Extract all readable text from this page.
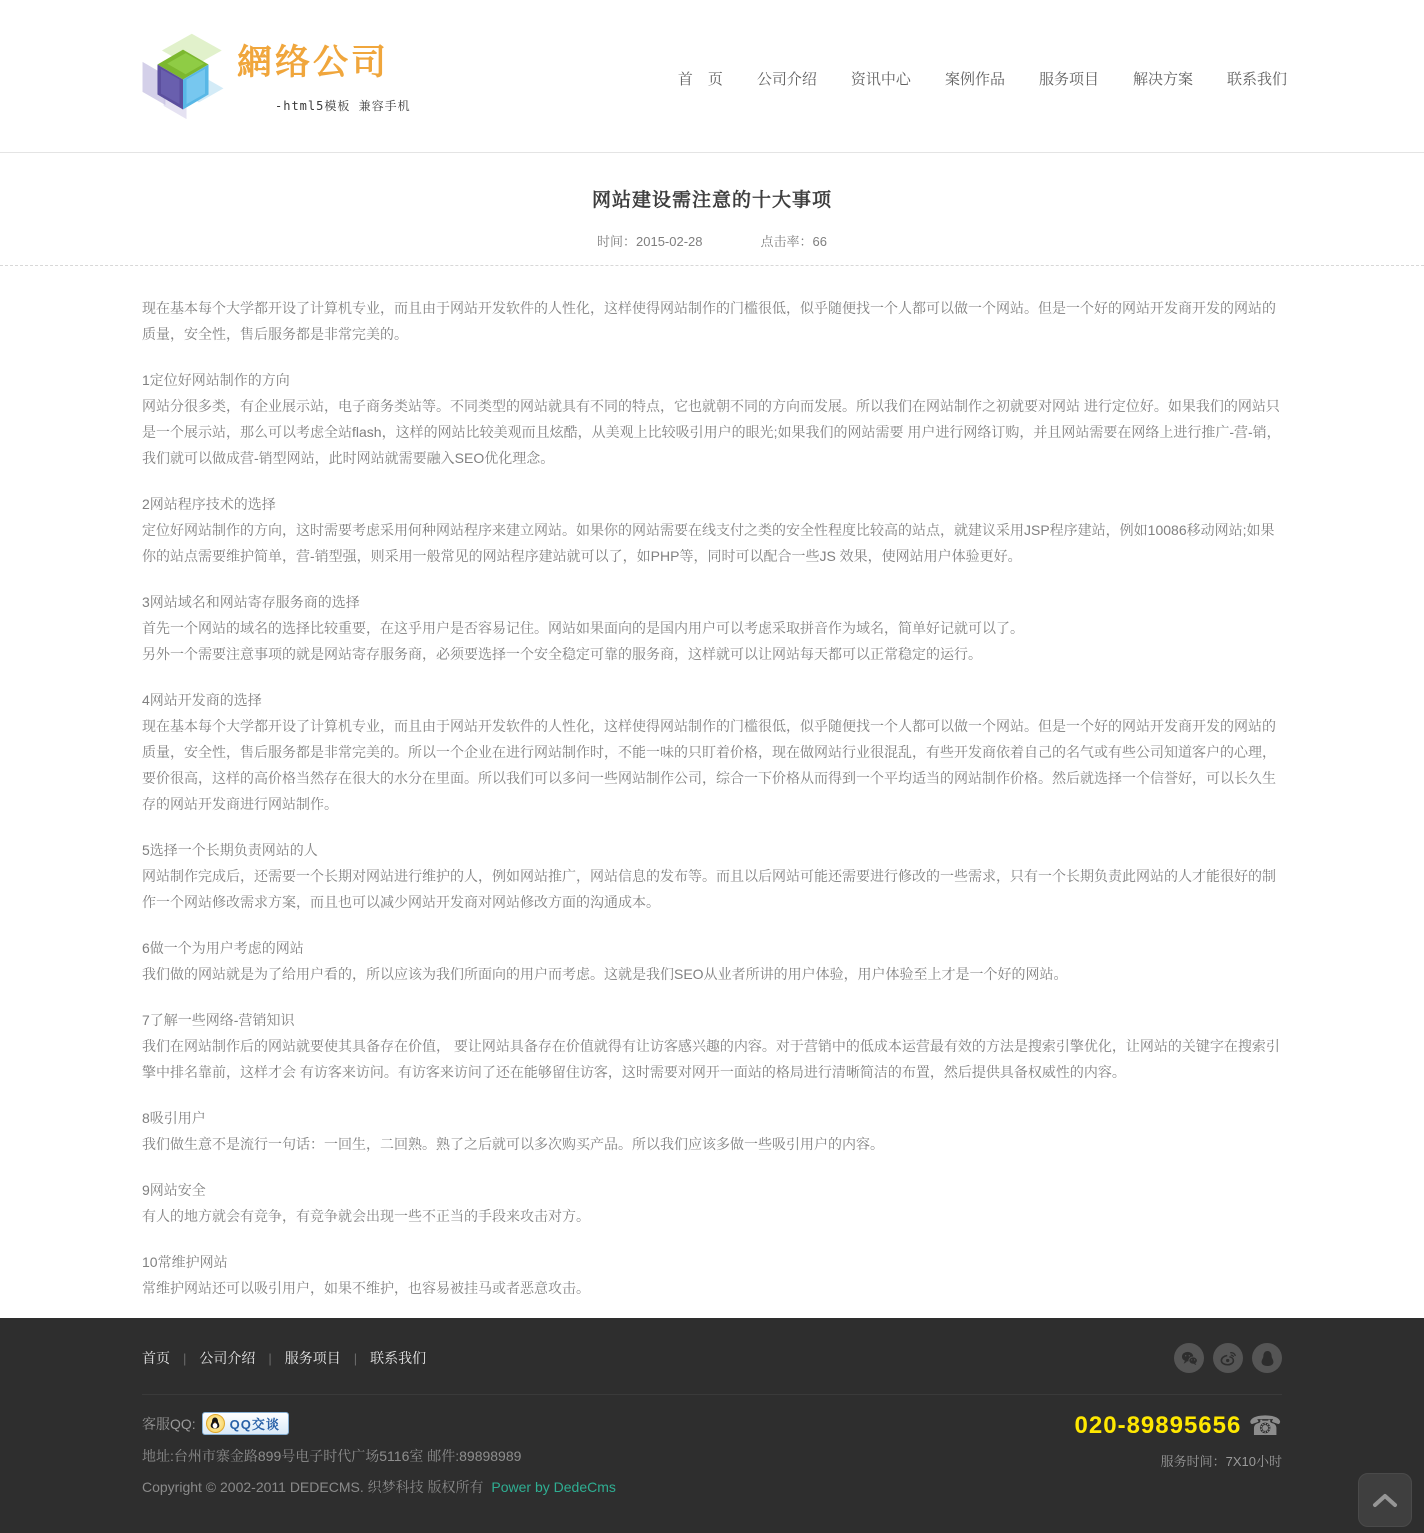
網络公司
-html5模板 兼容手机
首　页 公司介绍 资讯中心 案例作品 服务项目 解决方案 联系我们
网站建设需注意的十大事项
时间：2015-02-28	点击率：66

现在基本每个大学都开设了计算机专业，而且由于网站开发软件的人性化，这样使得网站制作的门槛很低，似乎随便找一个人都可以做一个网站。但是一个好的网站开发商开发的网站的质量，安全性，售后服务都是非常完美的。

1定位好网站制作的方向

网站分很多类，有企业展示站，电子商务类站等。不同类型的网站就具有不同的特点，它也就朝不同的方向而发展。所以我们在网站制作之初就要对网站 进行定位好。如果我们的网站只是一个展示站，那么可以考虑全站flash，这样的网站比较美观而且炫酷，从美观上比较吸引用户的眼光;如果我们的网站需要 用户进行网络订购，并且网站需要在网络上进行推广-营-销，我们就可以做成营-销型网站，此时网站就需要融入SEO优化理念。

2网站程序技术的选择

定位好网站制作的方向，这时需要考虑采用何种网站程序来建立网站。如果你的网站需要在线支付之类的安全性程度比较高的站点，就建议采用JSP程序建站，例如10086移动网站;如果你的站点需要维护简单，营-销型强，则采用一般常见的网站程序建站就可以了，如PHP等，同时可以配合一些JS 效果，使网站用户体验更好。

3网站域名和网站寄存服务商的选择

首先一个网站的域名的选择比较重要，在这乎用户是否容易记住。网站如果面向的是国内用户可以考虑采取拼音作为域名，简单好记就可以了。

另外一个需要注意事项的就是网站寄存服务商，必须要选择一个安全稳定可靠的服务商，这样就可以让网站每天都可以正常稳定的运行。

4网站开发商的选择

现在基本每个大学都开设了计算机专业，而且由于网站开发软件的人性化，这样使得网站制作的门槛很低，似乎随便找一个人都可以做一个网站。但是一个好的网站开发商开发的网站的质量，安全性，售后服务都是非常完美的。所以一个企业在进行网站制作时，不能一味的只盯着价格，现在做网站行业很混乱，有些开发商依着自己的名气或有些公司知道客户的心理，要价很高，这样的高价格当然存在很大的水分在里面。所以我们可以多问一些网站制作公司，综合一下价格从而得到一个平均适当的网站制作价格。然后就选择一个信誉好，可以长久生存的网站开发商进行网站制作。

5选择一个长期负责网站的人

网站制作完成后，还需要一个长期对网站进行维护的人，例如网站推广，网站信息的发布等。而且以后网站可能还需要进行修改的一些需求，只有一个长期负责此网站的人才能很好的制作一个网站修改需求方案，而且也可以减少网站开发商对网站修改方面的沟通成本。

6做一个为用户考虑的网站

我们做的网站就是为了给用户看的，所以应该为我们所面向的用户而考虑。这就是我们SEO从业者所讲的用户体验，用户体验至上才是一个好的网站。

7了解一些网络-营销知识

我们在网站制作后的网站就要使其具备存在价值， 要让网站具备存在价值就得有让访客感兴趣的内容。对于营销中的低成本运营最有效的方法是搜索引擎优化，让网站的关键字在搜索引擎中排名靠前，这样才会 有访客来访问。有访客来访问了还在能够留住访客，这时需要对网开一面站的格局进行清晰简洁的布置，然后提供具备权威性的内容。

8吸引用户

我们做生意不是流行一句话：一回生，二回熟。熟了之后就可以多次购买产品。所以我们应该多做一些吸引用户的内容。

9网站安全

有人的地方就会有竞争，有竞争就会出现一些不正当的手段来攻击对方。

10常维护网站

常维护网站还可以吸引用户，如果不维护，也容易被挂马或者恶意攻击。

首页 | 公司介绍 | 服务项目 | 联系我们
客服QQ:	QQ交谈
地址:台州市寨金路899号电子时代广场5116室 邮件:89898989
Copyright © 2002-2011 DEDECMS. 织梦科技 版权所有 Power by DedeCms
020-89895656 ☎
服务时间：7X10小时
